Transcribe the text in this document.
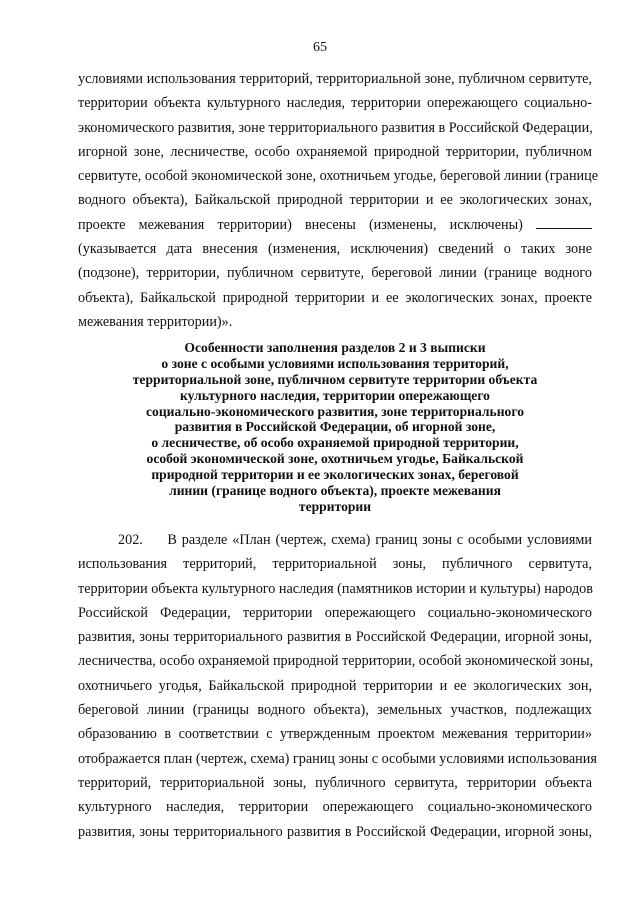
65
условиями использования территорий, территориальной зоне, публичном сервитуте,
территории объекта культурного наследия, территории опережающего социально-
экономического развития, зоне территориального развития в Российской Федерации,
игорной зоне, лесничестве, особо охраняемой природной территории, публичном
сервитуте, особой экономической зоне, охотничьем угодье, береговой линии (границе
водного объекта), Байкальской природной территории и ее экологических зонах,
проекте межевания территории) внесены (изменены, исключены)
(указывается дата внесения (изменения, исключения) сведений о таких зоне
(подзоне), территории, публичном сервитуте, береговой линии (границе водного
объекта), Байкальской природной территории и ее экологических зонах, проекте
межевания территории)».
Особенности заполнения разделов 2 и 3 выписки
о зоне с особыми условиями использования территорий,
территориальной зоне, публичном сервитуте территории объекта
культурного наследия, территории опережающего
социально-экономического развития, зоне территориального
развития в Российской Федерации, об игорной зоне,
о лесничестве, об особо охраняемой природной территории,
особой экономической зоне, охотничьем угодье, Байкальской
природной территории и ее экологических зонах, береговой
линии (границе водного объекта), проекте межевания
территории
202.     В разделе «План (чертеж, схема) границ зоны с особыми условиями
использования территорий, территориальной зоны, публичного сервитута,
территории объекта культурного наследия (памятников истории и культуры) народов
Российской Федерации, территории опережающего социально-экономического
развития, зоны территориального развития в Российской Федерации, игорной зоны,
лесничества, особо охраняемой природной территории, особой экономической зоны,
охотничьего угодья, Байкальской природной территории и ее экологических зон,
береговой линии (границы водного объекта), земельных участков, подлежащих
образованию в соответствии с утвержденным проектом межевания территории»
отображается план (чертеж, схема) границ зоны с особыми условиями использования
территорий, территориальной зоны, публичного сервитута, территории объекта
культурного наследия, территории опережающего социально-экономического
развития, зоны территориального развития в Российской Федерации, игорной зоны,
